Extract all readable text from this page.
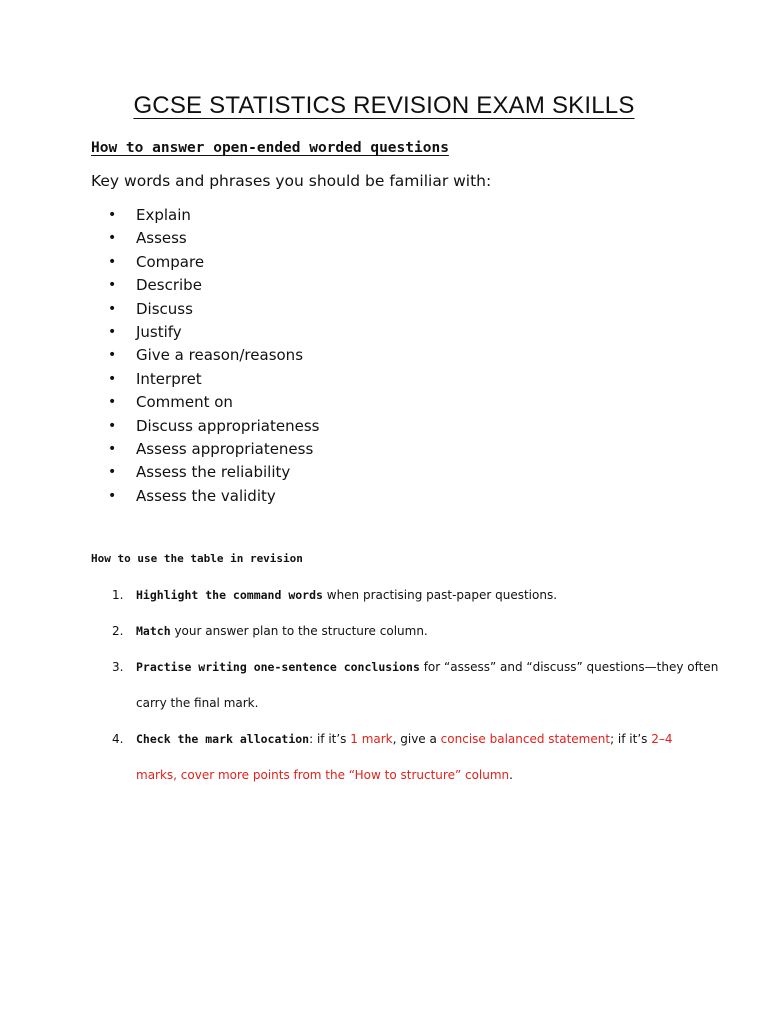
GCSE STATISTICS REVISION EXAM SKILLS
How to answer open-ended worded questions
Key words and phrases you should be familiar with:
•	Explain
•	Assess
•	Compare
•	Describe
•	Discuss
•	Justify
•	Give a reason/reasons
•	Interpret
•	Comment on
•	Discuss appropriateness
•	Assess appropriateness
•	Assess the reliability
•	Assess the validity
How to use the table in revision
1. Highlight the command words when practising past-paper questions.
2. Match your answer plan to the structure column.
3. Practise writing one-sentence conclusions for “assess” and “discuss” questions—they often
carry the final mark.
4. Check the mark allocation: if it’s 1 mark, give a concise balanced statement; if it’s 2–4
marks, cover more points from the “How to structure” column.
